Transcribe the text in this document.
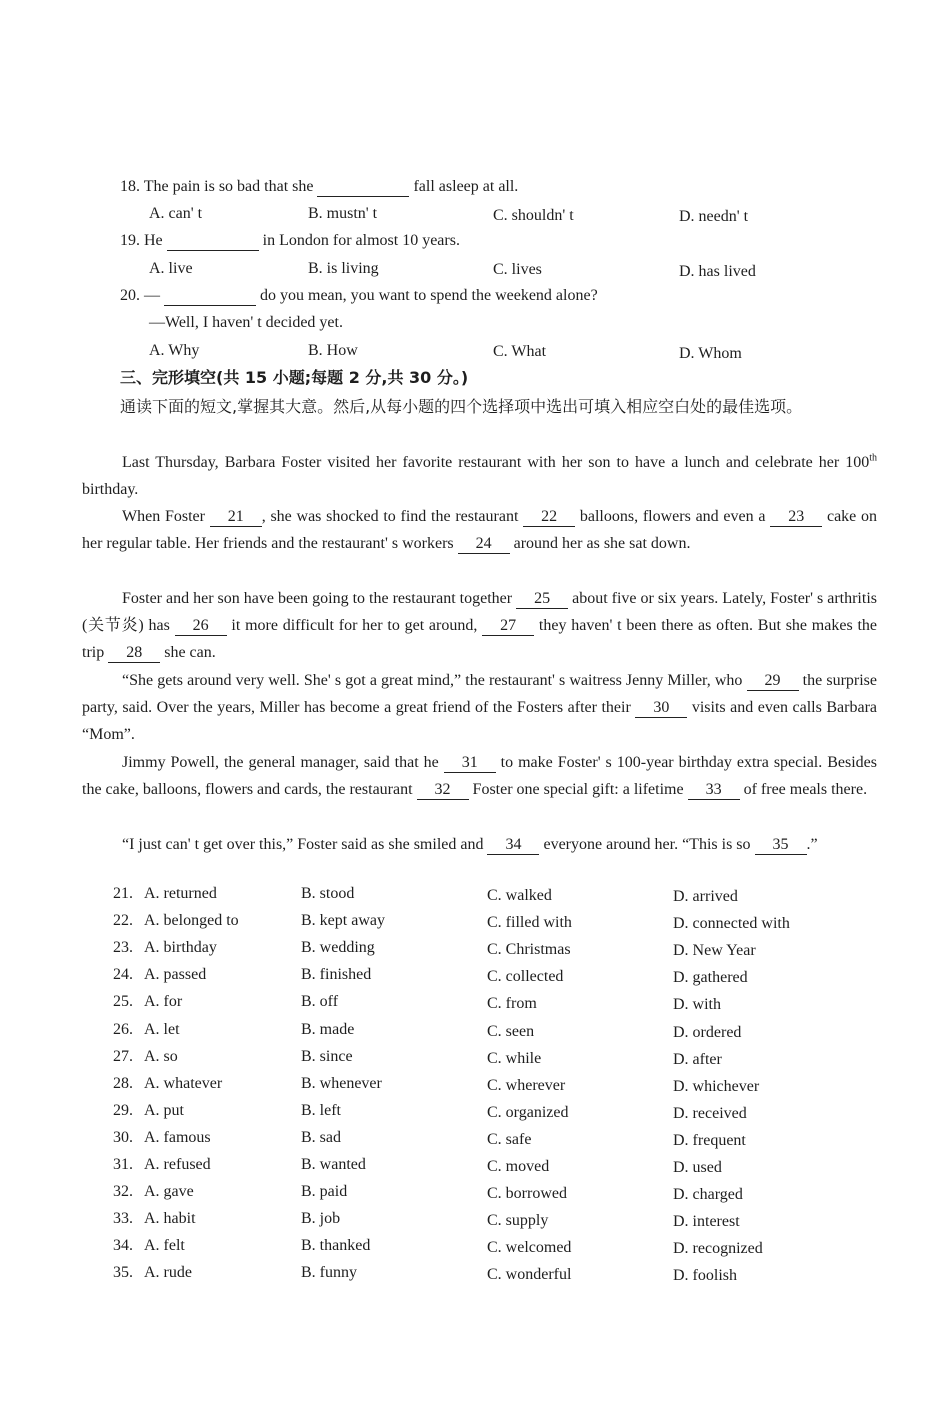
18. The pain is so bad that she	fall asleep at all.
A. can' t	B. mustn' t	C. shouldn' t	D. needn' t
19. He	in London for almost 10 years.
A. live	B. is living	C. lives	D. has lived
20. —	do you mean, you want to spend the weekend alone?
—Well, I haven' t decided yet.
A. Why	B. How	C. What	D. Whom
三、完形填空(共 15 小题;每题 2 分,共 30 分。)
通读下面的短文,掌握其大意。然后,从每小题的四个选择项中选出可填入相应空白处的最佳选项。
Last Thursday, Barbara Foster visited her favorite restaurant with her son to have a lunch and celebrate her 100th birthday.
When Foster 21 , she was shocked to find the restaurant 22 balloons, flowers and even a 23 cake on her regular table. Her friends and the restaurant' s workers 24 around her as she sat down.
Foster and her son have been going to the restaurant together 25 about five or six years. Lately, Foster' s arthritis (关节炎) has 26 it more difficult for her to get around, 27 they haven' t been there as often. But she makes the trip 28 she can.
“She gets around very well. She' s got a great mind,” the restaurant' s waitress Jenny Miller, who 29 the surprise party, said. Over the years, Miller has become a great friend of the Fosters after their 30 visits and even calls Barbara “Mom”.
Jimmy Powell, the general manager, said that he 31 to make Foster' s 100-year birthday extra special. Besides the cake, balloons, flowers and cards, the restaurant 32 Foster one special gift: a lifetime 33 of free meals there.
“I just can' t get over this,” Foster said as she smiled and 34 everyone around her. “This is so 35 .”
21. A. returned	B. stood	C. walked	D. arrived
22. A. belonged to	B. kept away	C. filled with	D. connected with
23. A. birthday	B. wedding	C. Christmas	D. New Year
24. A. passed	B. finished	C. collected	D. gathered
25. A. for	B. off	C. from	D. with
26. A. let	B. made	C. seen	D. ordered
27. A. so	B. since	C. while	D. after
28. A. whatever	B. whenever	C. wherever	D. whichever
29. A. put	B. left	C. organized	D. received
30. A. famous	B. sad	C. safe	D. frequent
31. A. refused	B. wanted	C. moved	D. used
32. A. gave	B. paid	C. borrowed	D. charged
33. A. habit	B. job	C. supply	D. interest
34. A. felt	B. thanked	C. welcomed	D. recognized
35. A. rude	B. funny	C. wonderful	D. foolish
